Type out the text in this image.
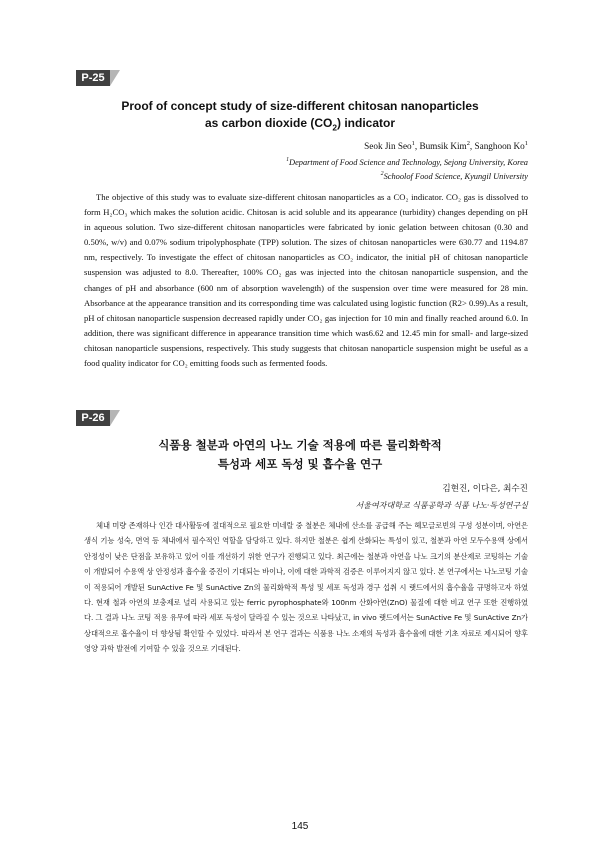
P-25
Proof of concept study of size-different chitosan nanoparticles
as carbon dioxide $(CO_2)$ indicator
Seok Jin Seo$^1$, Bumsik Kim$^2$, Sanghoon Ko$^1$
$^1$Department of Food Science and Technology, Sejong University, Korea
$^2$Schoolof Food Science, Kyungil University

The objective of this study was to evaluate size-different chitosan nanoparticles as a CO₂ indicator. CO₂ gas is dissolved to form H₂CO₃ which makes the solution acidic. Chitosan is acid soluble and its appearance (turbidity) changes depending on pH in aqueous solution. Two size-different chitosan nanoparticles were fabricated by ionic gelation between chitosan (0.30 and 0.50%, w/v) and 0.07% sodium tripolyphosphate (TPP) solution. The sizes of chitosan nanoparticles were 630.77 and 1194.87 nm, respectively. To investigate the effect of chitosan nanoparticles as CO₂ indicator, the initial pH of chitosan nanoparticle suspension was adjusted to 8.0. Thereafter, 100% CO₂ gas was injected into the chitosan nanoparticle suspension, and the changes of pH and absorbance (600 nm of absorption wavelength) of the suspension over time were measured for 28 min. Absorbance at the appearance transition and its corresponding time was calculated using logistic function (R2> 0.99).As a result, pH of chitosan nanoparticle suspension decreased rapidly under CO₂ gas injection for 10 min and finally reached around 6.0. In addition, there was significant difference in appearance transition time which was6.62 and 12.45 min for small- and large-sized chitosan nanoparticle suspensions, respectively. This study suggests that chitosan nanoparticle suspension might be useful as a food quality indicator for CO₂ emitting foods such as fermented foods.

P-26
식품용 철분과 아연의 나노 기술 적용에 따른 물리화학적
특성과 세포 독성 및 흡수율 연구
김현진, 이다은, 최수진
서울여자대학교 식품공학과 식품 나노·독성연구실

체내 미량 존재하나 인간 대사활동에 절대적으로 필요한 미네랄 중 철분은 체내에 산소를 공급해 주는 헤모글로빈의 구성 성분이며, 아연은 생식 기능 성숙, 면역 등 체내에서 필수적인 역할을 담당하고 있다. 하지만 철분은 쉽게 산화되는 특성이 있고, 철분과 아연 모두수용액 상에서 안정성이 낮은 단점을 보유하고 있어 이를 개선하기 위한 연구가 진행되고 있다. 최근에는 철분과 아연을 나노 크기의 분산제로 코팅하는 기술이 개발되어 수용액 상 안정성과 흡수율 증진이 기대되는 바이나, 이에 대한 과학적 검증은 이루어지지 않고 있다. 본 연구에서는 나노코팅 기술이 적용되어 개발된 SunActive Fe 및 SunActive Zn의 물리화학적 특성 및 세포 독성과 경구 섭취 시 랫드에서의 흡수율을 규명하고자 하였다. 현재 철과 아연의 보충제로 널리 사용되고 있는 ferric pyrophosphate와 100nm 산화아연(ZnO) 물질에 대한 비교 연구 또한 진행하였다. 그 결과 나노 코팅 적용 유무에 따라 세포 독성이 달라질 수 있는 것으로 나타났고, in vivo 랫드에서는 SunActive Fe 및 SunActive Zn가 상대적으로 흡수율이 더 향상됨 확인할 수 있었다. 따라서 본 연구 결과는 식품용 나노 소재의 독성과 흡수율에 대한 기초 자료로 제시되어 향후 영양 과학 발전에 기여할 수 있을 것으로 기대된다.

145
